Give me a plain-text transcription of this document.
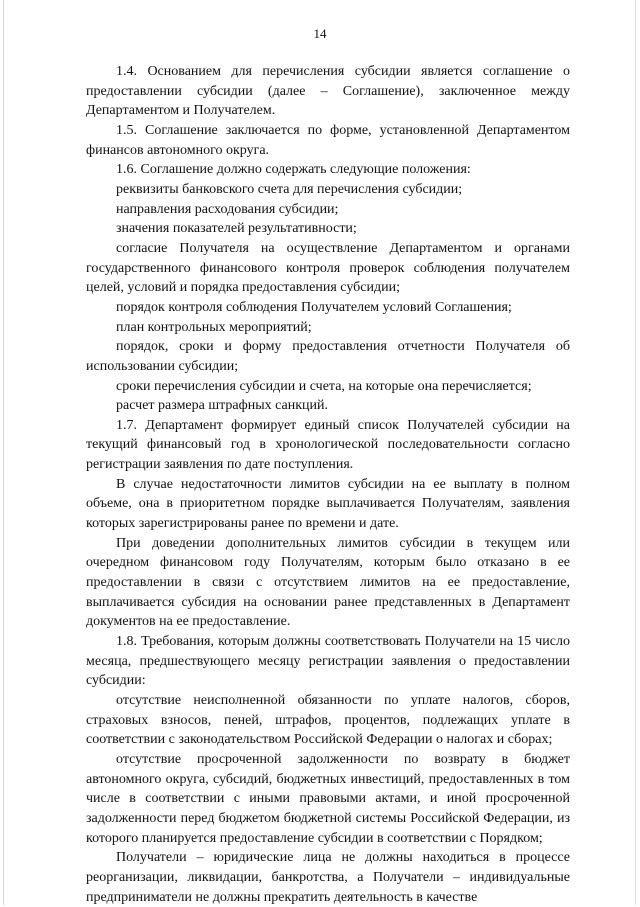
14

1.4. Основанием для перечисления субсидии является соглашение о предоставлении субсидии (далее – Соглашение), заключенное между Департаментом и Получателем.

1.5. Соглашение заключается по форме, установленной Департаментом финансов автономного округа.

1.6. Соглашение должно содержать следующие положения:

реквизиты банковского счета для перечисления субсидии;

направления расходования субсидии;

значения показателей результативности;

согласие Получателя на осуществление Департаментом и органами государственного финансового контроля проверок соблюдения получателем целей, условий и порядка предоставления субсидии;

порядок контроля соблюдения Получателем условий Соглашения;

план контрольных мероприятий;

порядок, сроки и форму предоставления отчетности Получателя об использовании субсидии;

сроки перечисления субсидии и счета, на которые она перечисляется;

расчет размера штрафных санкций.

1.7. Департамент формирует единый список Получателей субсидии на текущий финансовый год в хронологической последовательности согласно регистрации заявления по дате поступления.

В случае недостаточности лимитов субсидии на ее выплату в полном объеме, она в приоритетном порядке выплачивается Получателям, заявления которых зарегистрированы ранее по времени и дате.

При доведении дополнительных лимитов субсидии в текущем или очередном финансовом году Получателям, которым было отказано в ее предоставлении в связи с отсутствием лимитов на ее предоставление, выплачивается субсидия на основании ранее представленных в Департамент документов на ее предоставление.

1.8. Требования, которым должны соответствовать Получатели на 15 число месяца, предшествующего месяцу регистрации заявления о предоставлении субсидии:

отсутствие неисполненной обязанности по уплате налогов, сборов, страховых взносов, пеней, штрафов, процентов, подлежащих уплате в соответствии с законодательством Российской Федерации о налогах и сборах;

отсутствие просроченной задолженности по возврату в бюджет автономного округа, субсидий, бюджетных инвестиций, предоставленных в том числе в соответствии с иными правовыми актами, и иной просроченной задолженности перед бюджетом бюджетной системы Российской Федерации, из которого планируется предоставление субсидии в соответствии с Порядком;

Получатели – юридические лица не должны находиться в процессе реорганизации, ликвидации, банкротства, а Получатели – индивидуальные предприниматели не должны прекратить деятельность в качестве
